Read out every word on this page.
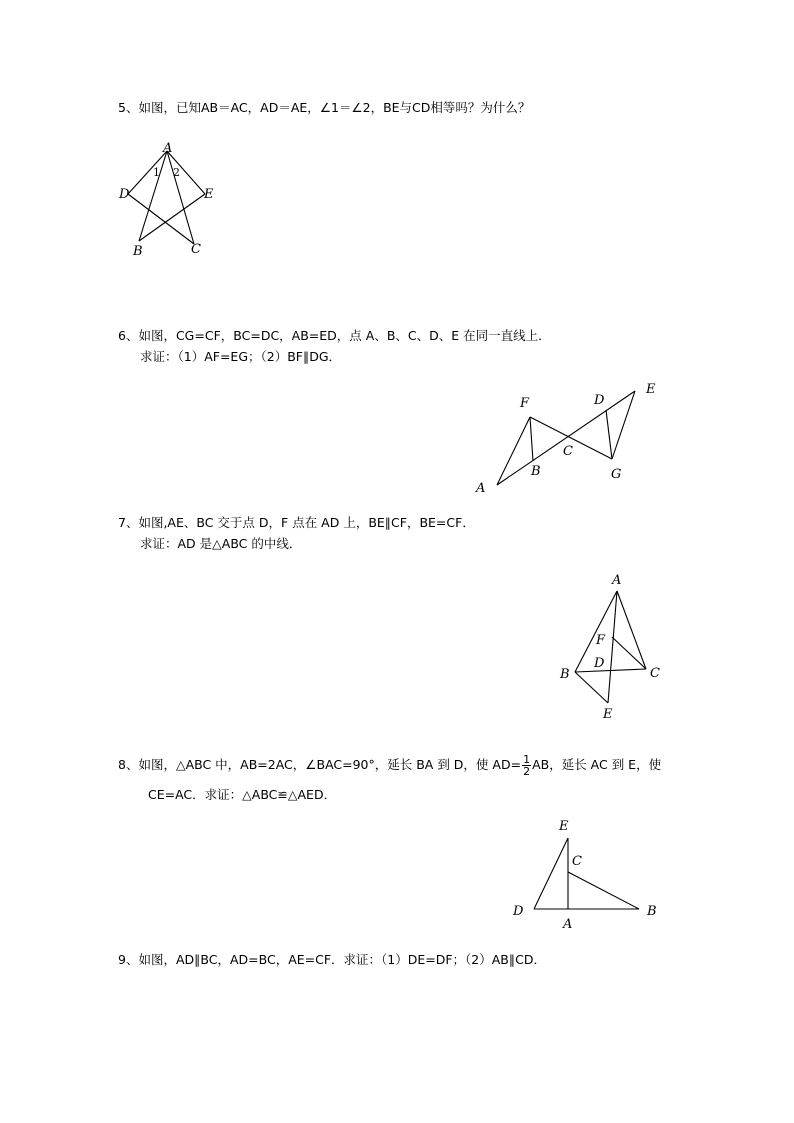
5、如图，已知AB＝AC，AD＝AE，∠1＝∠2，BE与CD相等吗？为什么？
A
D	E
B	C
1 2
6、如图，CG=CF，BC=DC，AB=ED，点 A、B、C、D、E 在同一直线上．
求证：（1）AF=EG；（2）BF∥DG．
F	D
E
C
B	G
A
7、如图,AE、BC 交于点 D，F 点在 AD 上，BE∥CF，BE=CF．
求证：AD 是△ABC 的中线．
A
F
D
B	C
E
8、如图，△ABC 中，AB=2AC，∠BAC=90°，延长 BA 到 D，使 $AD= \frac{1}{2}$ AB，延长 AC 到 E，使
CE=AC．求证：△ABC≌△AED．
E
C
D
A
B
9、如图，AD∥BC，AD=BC，AE=CF．求证：（1）DE=DF；（2）AB∥CD．
